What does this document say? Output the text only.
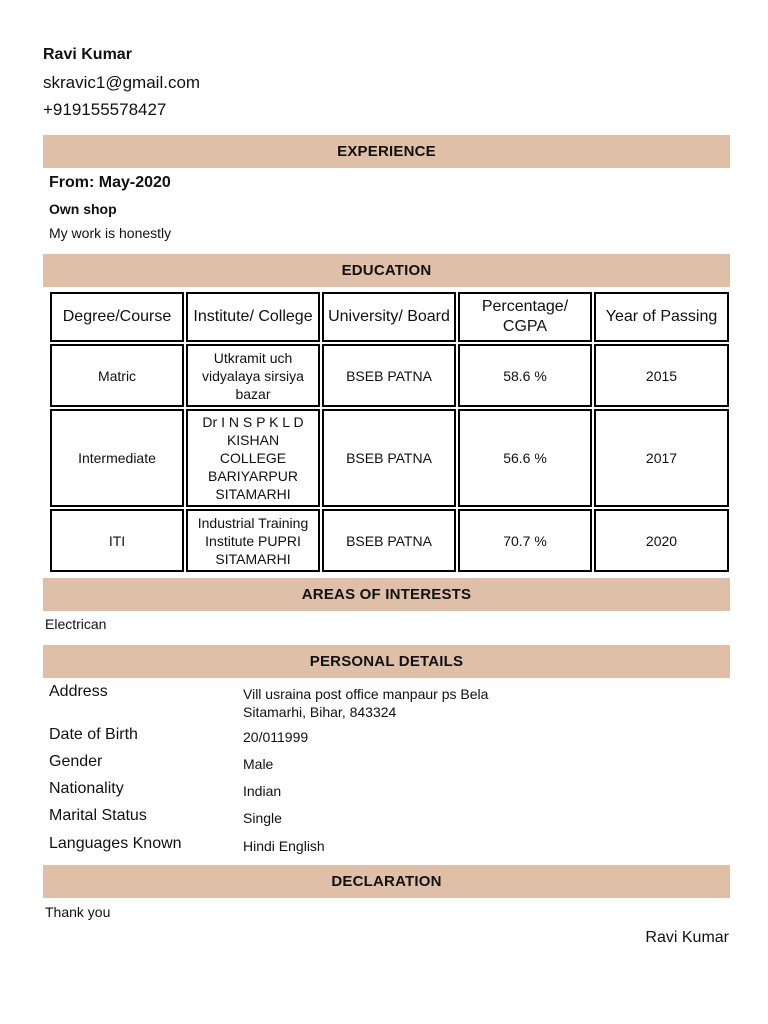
Ravi Kumar
skravic1@gmail.com
+919155578427
EXPERIENCE
From: May-2020
Own shop
My work is honestly
EDUCATION
Degree/Course	Institute/ College	University/ Board	Percentage/ CGPA	Year of Passing
Matric	Utkramit uch vidyalaya sirsiya bazar	BSEB PATNA	58.6 %	2015
Intermediate	Dr I N S P K L D KISHAN COLLEGE BARIYARPUR SITAMARHI	BSEB PATNA	56.6 %	2017
ITI	Industrial Training Institute PUPRI SITAMARHI	BSEB PATNA	70.7 %	2020
AREAS OF INTERESTS
Electrican
PERSONAL DETAILS
Address	Vill usraina post office manpaur ps Bela
Sitamarhi, Bihar, 843324
Date of Birth	20/011999
Gender	Male
Nationality	Indian
Marital Status	Single
Languages Known	Hindi English
DECLARATION
Thank you
Ravi Kumar
